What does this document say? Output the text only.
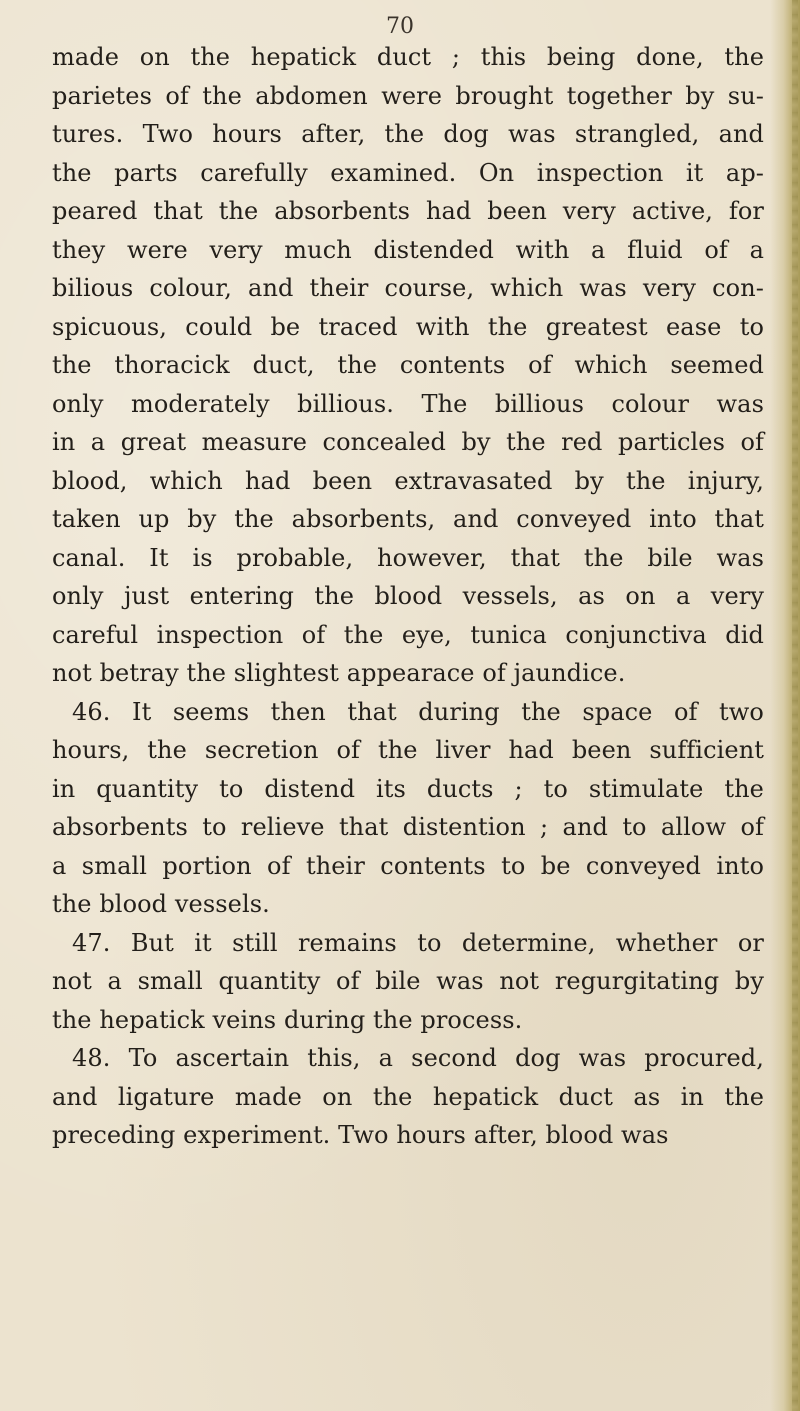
70
made on the hepatick duct ; this being done, the
parietes of the abdomen were brought together by su-
tures. Two hours after, the dog was strangled, and
the parts carefully examined. On inspection it ap-
peared that the absorbents had been very active, for
they were very much distended with a fluid of a
bilious colour, and their course, which was very con-
spicuous, could be traced with the greatest ease to
the thoracick duct, the contents of which seemed
only moderately billious. The billious colour was
in a great measure concealed by the red particles of
blood, which had been extravasated by the injury,
taken up by the absorbents, and conveyed into that
canal. It is probable, however, that the bile was
only just entering the blood vessels, as on a very
careful inspection of the eye, tunica conjunctiva did
not betray the slightest appearace of jaundice.
46. It seems then that during the space of two
hours, the secretion of the liver had been sufficient
in quantity to distend its ducts ; to stimulate the
absorbents to relieve that distention ; and to allow of
a small portion of their contents to be conveyed into
the blood vessels.
47. But it still remains to determine, whether or
not a small quantity of bile was not regurgitating by
the hepatick veins during the process.
48. To ascertain this, a second dog was procured,
and ligature made on the hepatick duct as in the
preceding experiment. Two hours after, blood was
